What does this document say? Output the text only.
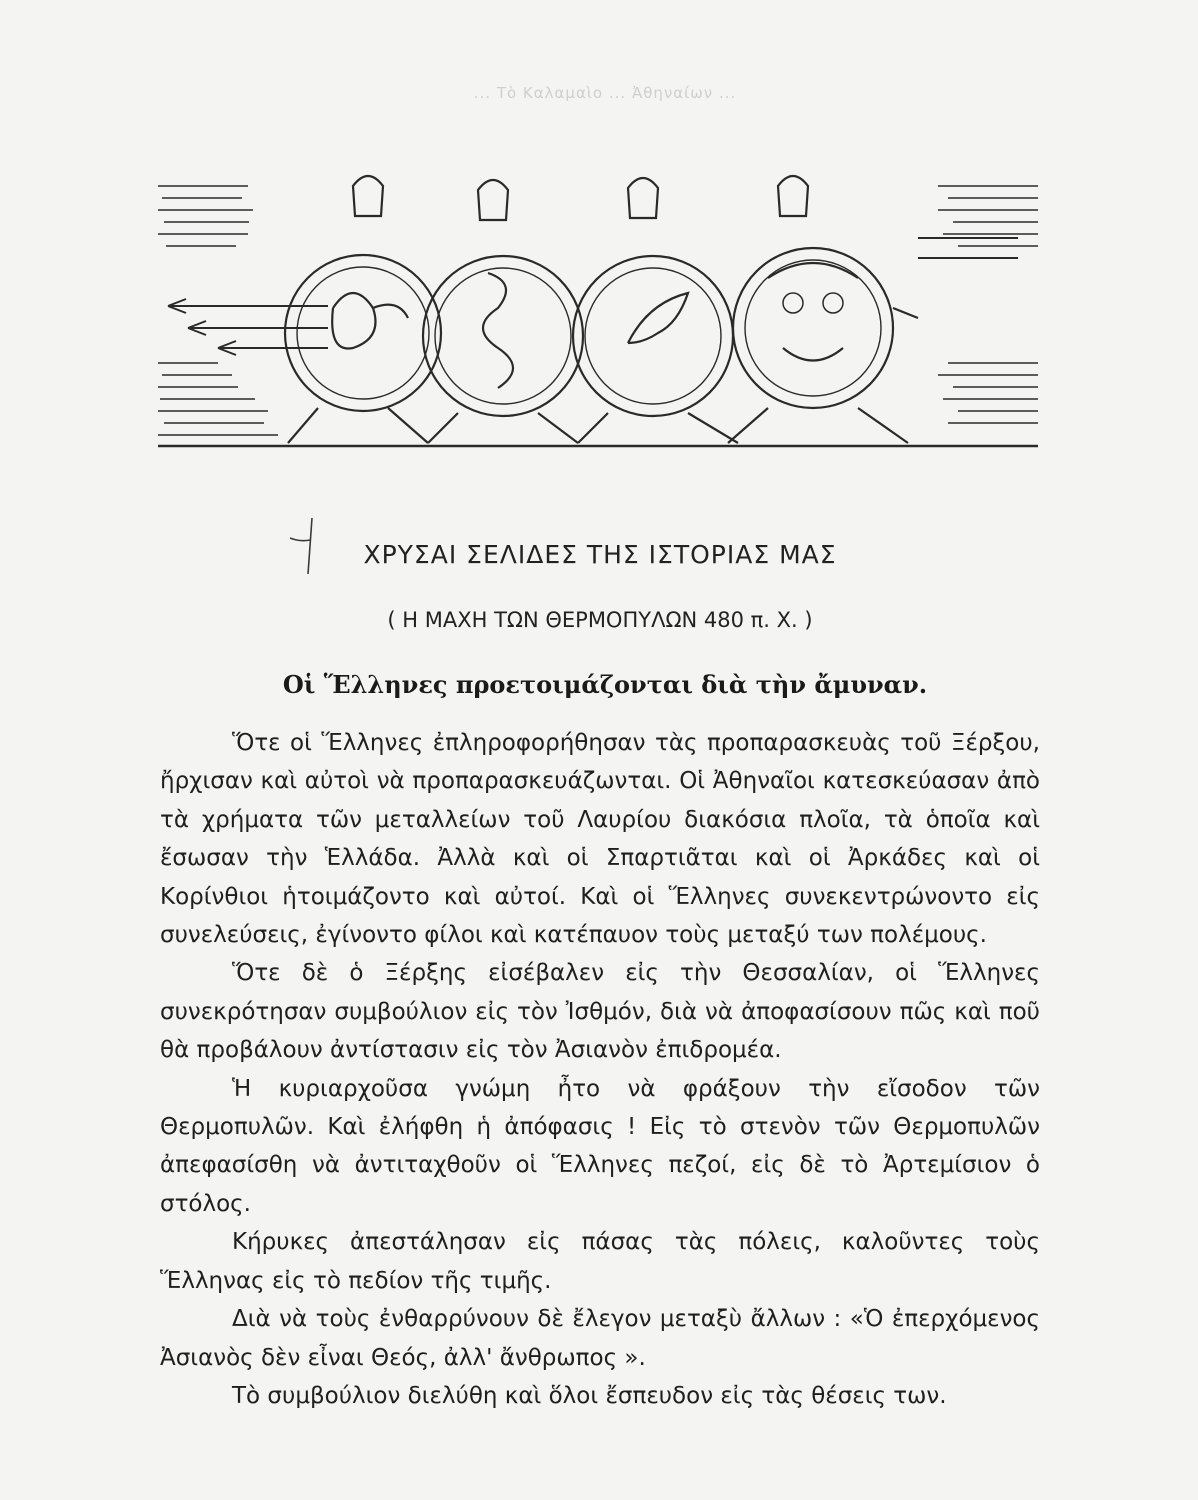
... Τὸ Καλαμαὶο ... Ἀθηναίων ...
ΧΡΥΣΑΙ ΣΕΛΙΔΕΣ ΤΗΣ ΙΣΤΟΡΙΑΣ ΜΑΣ
( Η ΜΑΧΗ ΤΩΝ ΘΕΡΜΟΠΥΛΩΝ 480 π. Χ. )
Οἱ Ἕλληνες προετοιμάζονται διὰ τὴν ἄμυναν.

Ὅτε οἱ Ἕλληνες ἐπληροφορήθησαν τὰς προπαρασκευὰς τοῦ Ξέρξου, ἤρχισαν καὶ αὐτοὶ νὰ προπαρασκευάζωνται. Οἱ Ἀθηναῖοι κατεσκεύασαν ἀπὸ τὰ χρήματα τῶν μεταλλείων τοῦ Λαυρίου διακόσια πλοῖα, τὰ ὁποῖα καὶ ἔσωσαν τὴν Ἑλλάδα. Ἀλλὰ καὶ οἱ Σπαρτιᾶται καὶ οἱ Ἀρκάδες καὶ οἱ Κορίνθιοι ἡτοιμάζοντο καὶ αὐτοί. Καὶ οἱ Ἕλληνες συνεκεντρώνοντο εἰς συνελεύσεις, ἐγίνοντο φίλοι καὶ κατέπαυον τοὺς μεταξύ των πολέμους.

Ὅτε δὲ ὁ Ξέρξης εἰσέβαλεν εἰς τὴν Θεσσαλίαν, οἱ Ἕλληνες συνεκρότησαν συμβούλιον εἰς τὸν Ἰσθμόν, διὰ νὰ ἀποφασίσουν πῶς καὶ ποῦ θὰ προβάλουν ἀντίστασιν εἰς τὸν Ἀσιανὸν ἐπιδρομέα.

Ἡ κυριαρχοῦσα γνώμη ἦτο νὰ φράξουν τὴν εἴσοδον τῶν Θερμοπυλῶν. Καὶ ἐλήφθη ἡ ἀπόφασις ! Εἰς τὸ στενὸν τῶν Θερμοπυλῶν ἀπεφασίσθη νὰ ἀντιταχθοῦν οἱ Ἕλληνες πεζοί, εἰς δὲ τὸ Ἀρτεμίσιον ὁ στόλος.

Κήρυκες ἀπεστάλησαν εἰς πάσας τὰς πόλεις, καλοῦντες τοὺς Ἕλληνας εἰς τὸ πεδίον τῆς τιμῆς.

Διὰ νὰ τοὺς ἐνθαρρύνουν δὲ ἔλεγον μεταξὺ ἄλλων : «Ὁ ἐπερχόμενος Ἀσιανὸς δὲν εἶναι Θεός, ἀλλ' ἄνθρωπος ».

Τὸ συμβούλιον διελύθη καὶ ὅλοι ἔσπευδον εἰς τὰς θέσεις των.
